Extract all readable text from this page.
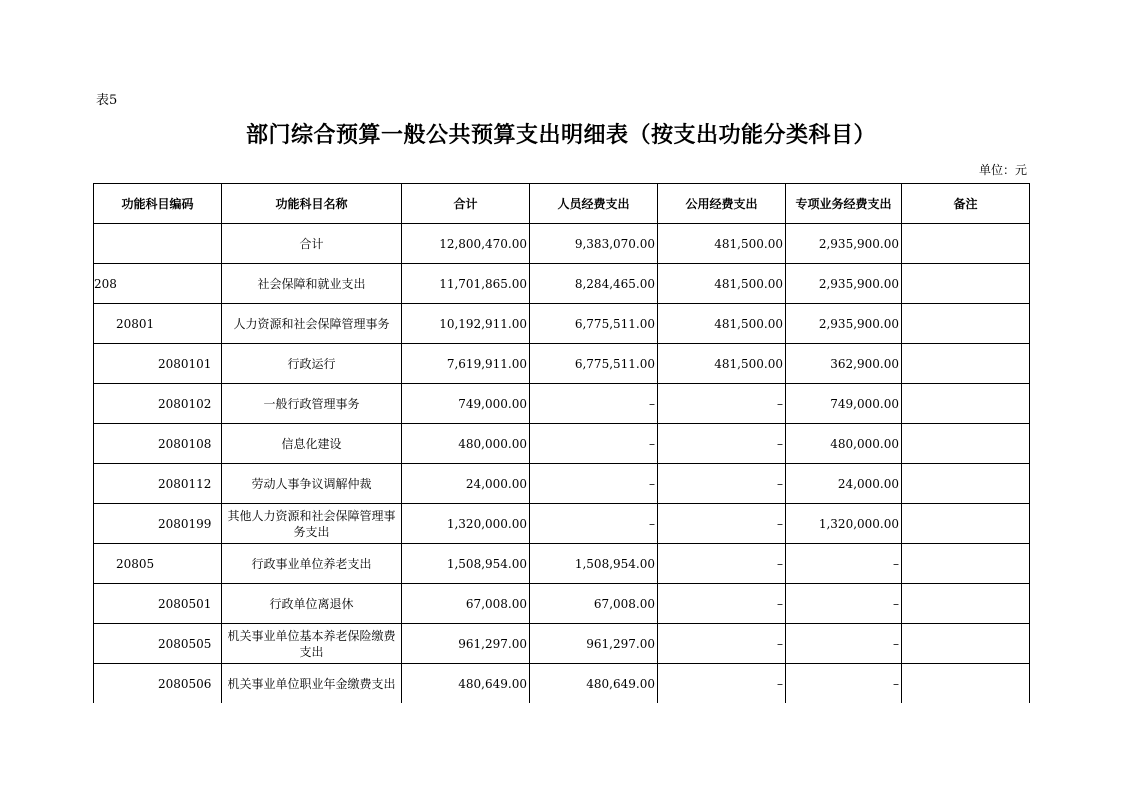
表5
部门综合预算一般公共预算支出明细表（按支出功能分类科目）
单位：元
功能科目编码	功能科目名称	合计	人员经费支出	公用经费支出	专项业务经费支出	备注
	合计	12,800,470.00	9,383,070.00	481,500.00	2,935,900.00	
208	社会保障和就业支出	11,701,865.00	8,284,465.00	481,500.00	2,935,900.00	
20801	人力资源和社会保障管理事务	10,192,911.00	6,775,511.00	481,500.00	2,935,900.00	
2080101	行政运行	7,619,911.00	6,775,511.00	481,500.00	362,900.00	
2080102	一般行政管理事务	749,000.00	–	–	749,000.00	
2080108	信息化建设	480,000.00	–	–	480,000.00	
2080112	劳动人事争议调解仲裁	24,000.00	–	–	24,000.00	
2080199	其他人力资源和社会保障管理事务支出	1,320,000.00	–	–	1,320,000.00	
20805	行政事业单位养老支出	1,508,954.00	1,508,954.00	–	–	
2080501	行政单位离退休	67,008.00	67,008.00	–	–	
2080505	机关事业单位基本养老保险缴费支出	961,297.00	961,297.00	–	–	
2080506	机关事业单位职业年金缴费支出	480,649.00	480,649.00	–	–	
